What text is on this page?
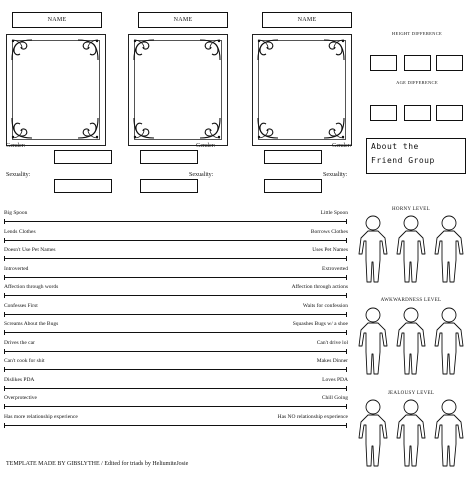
NAME	NAME	NAME
HEIGHT DIFFERENCE
AGE DIFFERENCE
Gender:
Sexuality:
Gender:
Sexuality:
Gender:
Sexuality:
About the
Friend Group
Big Spoon	Little Spoon
Lends Clothes	Borrows Clothes
Doesn't Use Pet Names	Uses Pet Names
Introverted	Extroverted
Affection through words	Affection through actions
Confesses First	Waits for confession
Screams About the Bugs	Squashes Bugs w/ a shoe
Drives the car	Can't drive lol
Can't cook for shit	Makes Dinner
Dislikes PDA	Loves PDA
Overprotective	Chill Going
Has more relationship experience	Has NO relationship experience
HORNY LEVEL
AWKWARDNESS LEVEL
JEALOUSY LEVEL
TEMPLATE MADE BY GIBSLYTHE / Edited for triads by HeliumiteJosie
